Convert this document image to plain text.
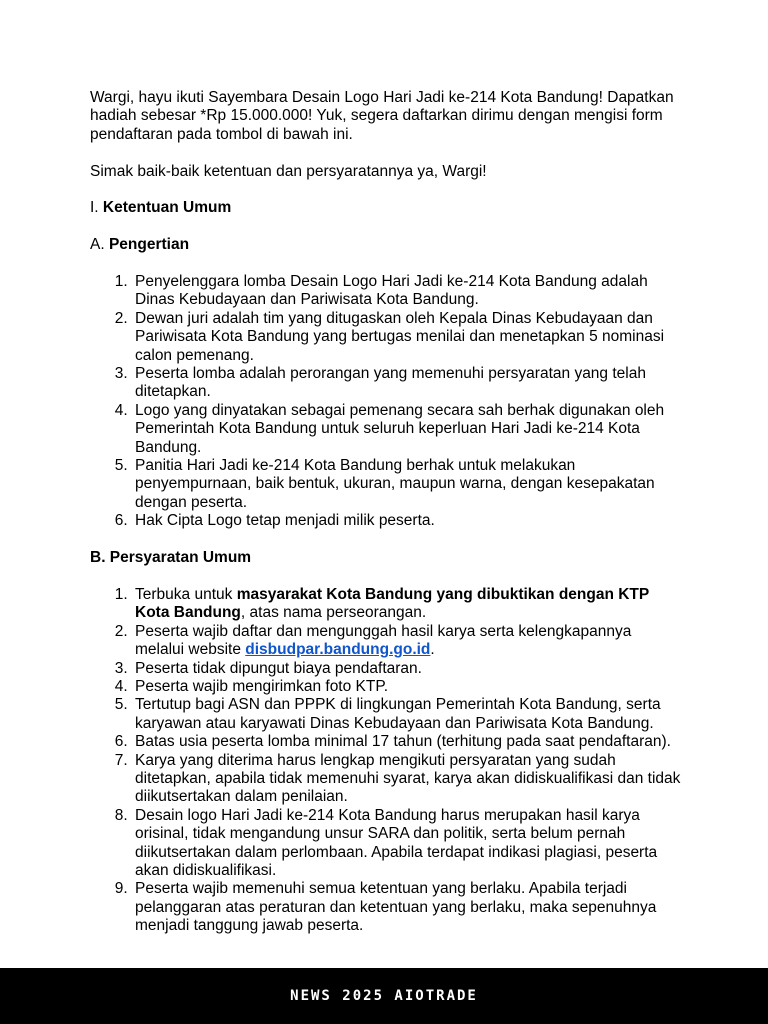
Wargi, hayu ikuti Sayembara Desain Logo Hari Jadi ke-214 Kota Bandung! Dapatkan hadiah sebesar *Rp 15.000.000! Yuk, segera daftarkan dirimu dengan mengisi form pendaftaran pada tombol di bawah ini.

Simak baik-baik ketentuan dan persyaratannya ya, Wargi!

I. Ketentuan Umum

A. Pengertian

1. Penyelenggara lomba Desain Logo Hari Jadi ke-214 Kota Bandung adalah Dinas Kebudayaan dan Pariwisata Kota Bandung.
2. Dewan juri adalah tim yang ditugaskan oleh Kepala Dinas Kebudayaan dan Pariwisata Kota Bandung yang bertugas menilai dan menetapkan 5 nominasi calon pemenang.
3. Peserta lomba adalah perorangan yang memenuhi persyaratan yang telah ditetapkan.
4. Logo yang dinyatakan sebagai pemenang secara sah berhak digunakan oleh Pemerintah Kota Bandung untuk seluruh keperluan Hari Jadi ke-214 Kota Bandung.
5. Panitia Hari Jadi ke-214 Kota Bandung berhak untuk melakukan penyempurnaan, baik bentuk, ukuran, maupun warna, dengan kesepakatan dengan peserta.
6. Hak Cipta Logo tetap menjadi milik peserta.

B. Persyaratan Umum

1. Terbuka untuk masyarakat Kota Bandung yang dibuktikan dengan KTP Kota Bandung, atas nama perseorangan.
2. Peserta wajib daftar dan mengunggah hasil karya serta kelengkapannya melalui website disbudpar.bandung.go.id.
3. Peserta tidak dipungut biaya pendaftaran.
4. Peserta wajib mengirimkan foto KTP.
5. Tertutup bagi ASN dan PPPK di lingkungan Pemerintah Kota Bandung, serta karyawan atau karyawati Dinas Kebudayaan dan Pariwisata Kota Bandung.
6. Batas usia peserta lomba minimal 17 tahun (terhitung pada saat pendaftaran).
7. Karya yang diterima harus lengkap mengikuti persyaratan yang sudah ditetapkan, apabila tidak memenuhi syarat, karya akan didiskualifikasi dan tidak diikutsertakan dalam penilaian.
8. Desain logo Hari Jadi ke-214 Kota Bandung harus merupakan hasil karya orisinal, tidak mengandung unsur SARA dan politik, serta belum pernah diikutsertakan dalam perlombaan. Apabila terdapat indikasi plagiasi, peserta akan didiskualifikasi.
9. Peserta wajib memenuhi semua ketentuan yang berlaku. Apabila terjadi pelanggaran atas peraturan dan ketentuan yang berlaku, maka sepenuhnya menjadi tanggung jawab peserta.
NEWS 2025 AIOTRADE
